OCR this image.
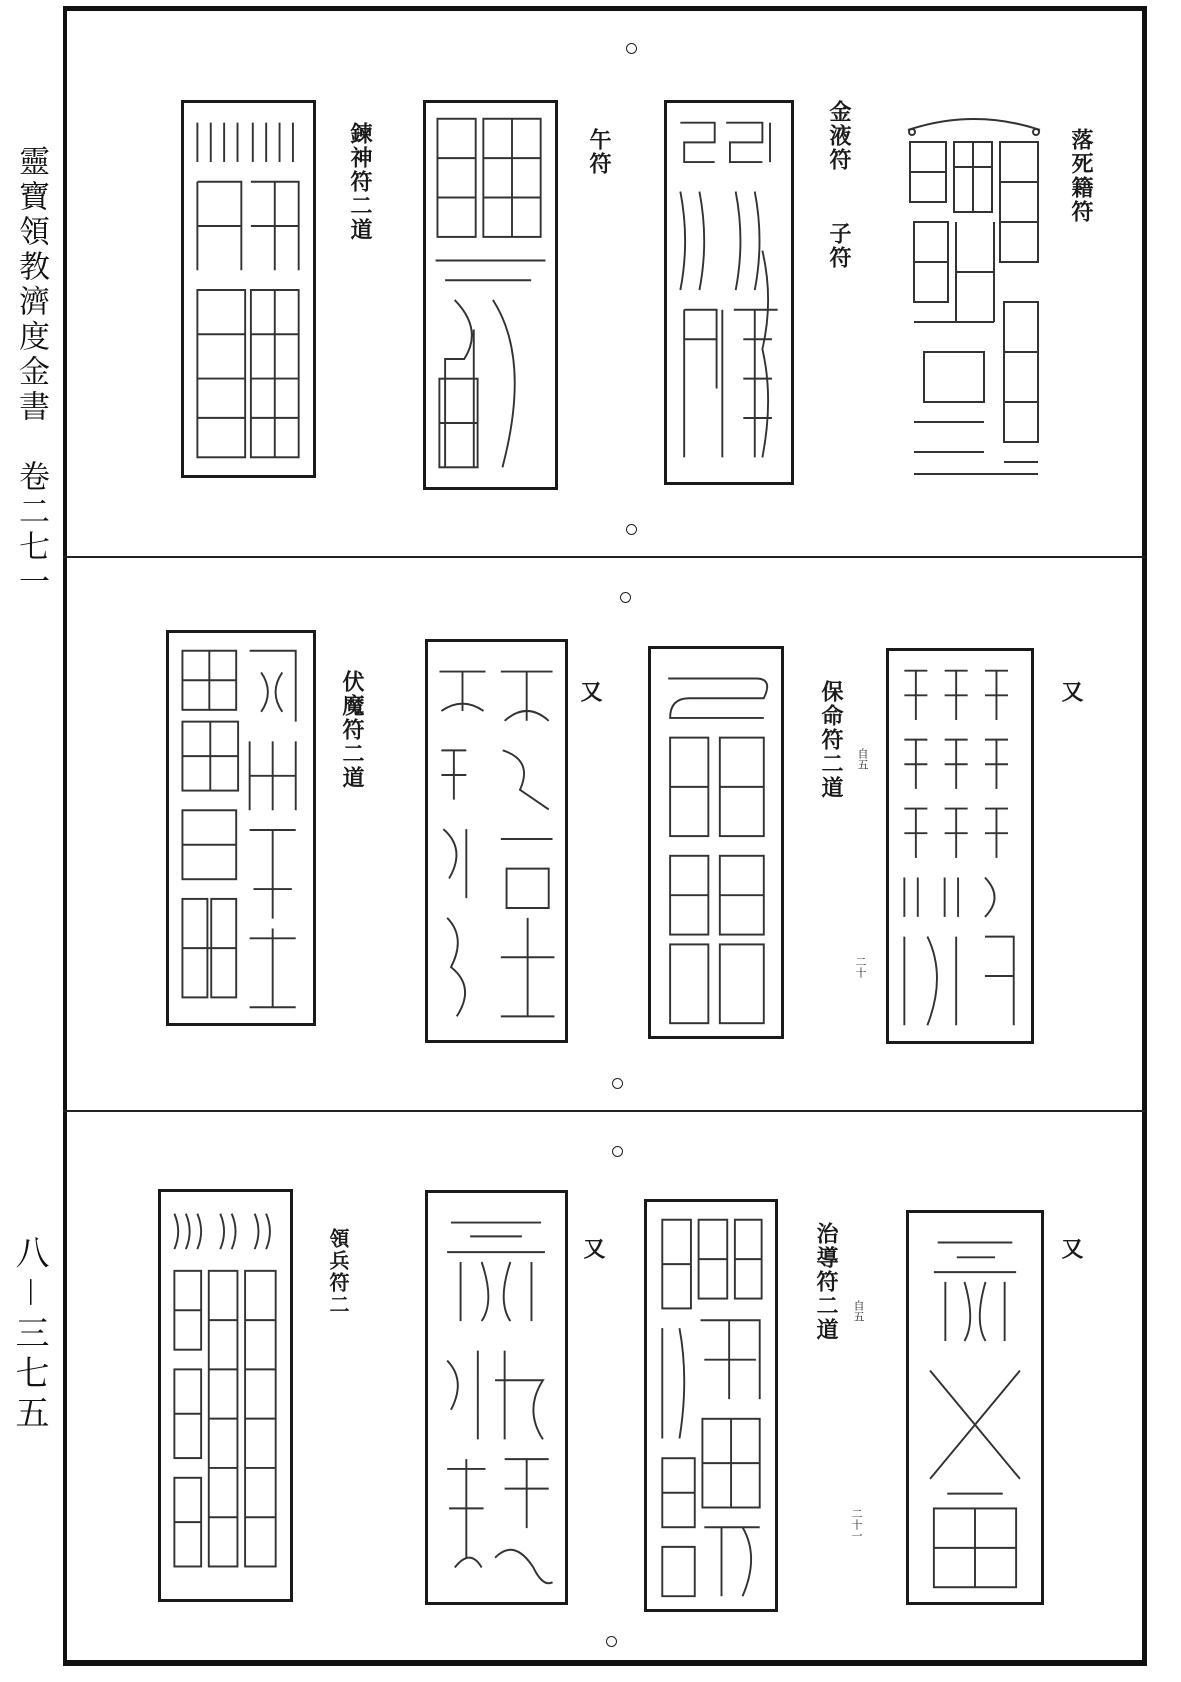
靈寶領教濟度金書　卷二七一
八－三七五
落死籍符
金液符
子符
午符
鍊神符二道
又
保命符二道 自五
二十
又
伏魔符二道
又
治導符二道 自五
二十一
又
領兵符二
